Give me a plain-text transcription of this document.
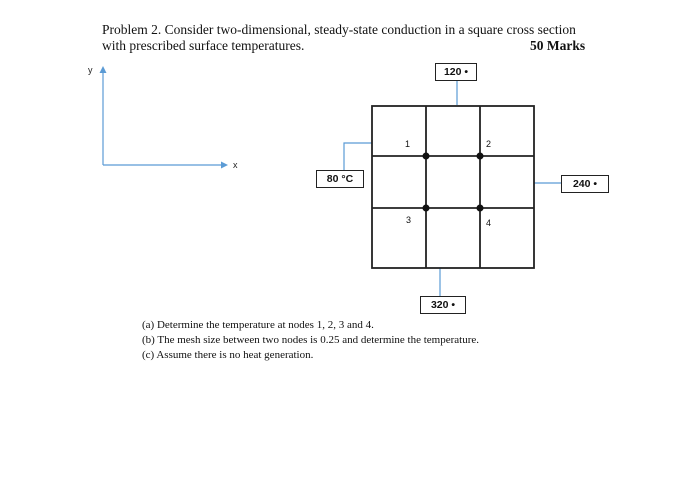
Problem 2. Consider two-dimensional, steady-state conduction in a square cross section
with prescribed surface temperatures.	50 Marks
y
x
120 •
80 °C	240 •
320 •
1	2
3	4
(a) Determine the temperature at nodes 1, 2, 3 and 4.
(b) The mesh size between two nodes is 0.25 and determine the temperature.
(c) Assume there is no heat generation.
